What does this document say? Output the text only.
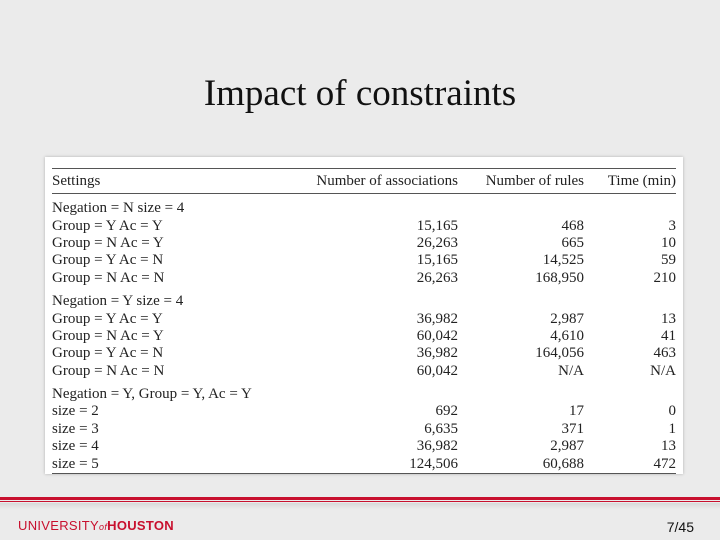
Impact of constraints
Settings	Number of associations	Number of rules	Time (min)
Negation = N size = 4			
Group = Y Ac = Y	15,165	468	3
Group = N Ac = Y	26,263	665	10
Group = Y Ac = N	15,165	14,525	59
Group = N Ac = N	26,263	168,950	210
Negation = Y size = 4			
Group = Y Ac = Y	36,982	2,987	13
Group = N Ac = Y	60,042	4,610	41
Group = Y Ac = N	36,982	164,056	463
Group = N Ac = N	60,042	N/A	N/A
Negation = Y, Group = Y, Ac = Y			
size = 2	692	17	0
size = 3	6,635	371	1
size = 4	36,982	2,987	13
size = 5	124,506	60,688	472
UNIVERSITYofHOUSTON	7/45
